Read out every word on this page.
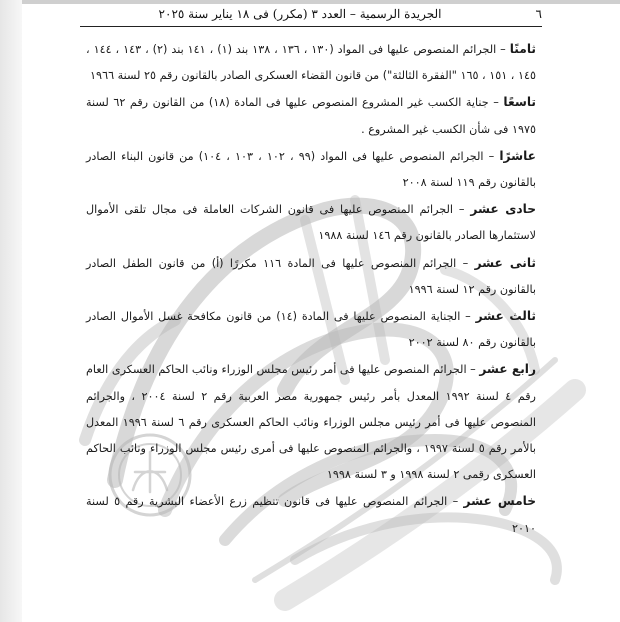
٦
الجريدة الرسمية – العدد ٣ (مكرر) فى ١٨ يناير سنة ٢٠٢٥

ثامنًا – الجرائم المنصوص عليها فى المواد (١٣٠ ، ١٣٦ ، ١٣٨ بند (١) ، ١٤١ بند (٢) ، ١٤٣ ، ١٤٤ ، ١٤٥ ، ١٥١ ، ١٦٥ "الفقرة الثالثة") من قانون القضاء العسكرى الصادر بالقانون رقم ٢٥ لسنة ١٩٦٦

تاسعًا – جناية الكسب غير المشروع المنصوص عليها فى المادة (١٨) من القانون رقم ٦٢ لسنة ١٩٧٥ فى شأن الكسب غير المشروع .

عاشرًا – الجرائم المنصوص عليها فى المواد (٩٩ ، ١٠٢ ، ١٠٣ ، ١٠٤) من قانون البناء الصادر بالقانون رقم ١١٩ لسنة ٢٠٠٨

حادى عشر – الجرائم المنصوص عليها فى قانون الشركات العاملة فى مجال تلقى الأموال لاستثمارها الصادر بالقانون رقم ١٤٦ لسنة ١٩٨٨

ثانى عشر – الجرائم المنصوص عليها فى المادة ١١٦ مكررًا (أ) من قانون الطفل الصادر بالقانون رقم ١٢ لسنة ١٩٩٦

ثالث عشر – الجناية المنصوص عليها فى المادة (١٤) من قانون مكافحة غسل الأموال الصادر بالقانون رقم ٨٠ لسنة ٢٠٠٢

رابع عشر – الجرائم المنصوص عليها فى أمر رئيس مجلس الوزراء ونائب الحاكم العسكرى العام رقم ٤ لسنة ١٩٩٢ المعدل بأمر رئيس جمهورية مصر العربية رقم ٢ لسنة ٢٠٠٤ ، والجرائم المنصوص عليها فى أمر رئيس مجلس الوزراء ونائب الحاكم العسكرى رقم ٦ لسنة ١٩٩٦ المعدل بالأمر رقم ٥ لسنة ١٩٩٧ ، والجرائم المنصوص عليها فى أمرى رئيس مجلس الوزراء ونائب الحاكم العسكرى رقمى ٢ لسنة ١٩٩٨ و ٣ لسنة ١٩٩٨

خامس عشر – الجرائم المنصوص عليها فى قانون تنظيم زرع الأعضاء البشرية رقم ٥ لسنة ٢٠١٠
